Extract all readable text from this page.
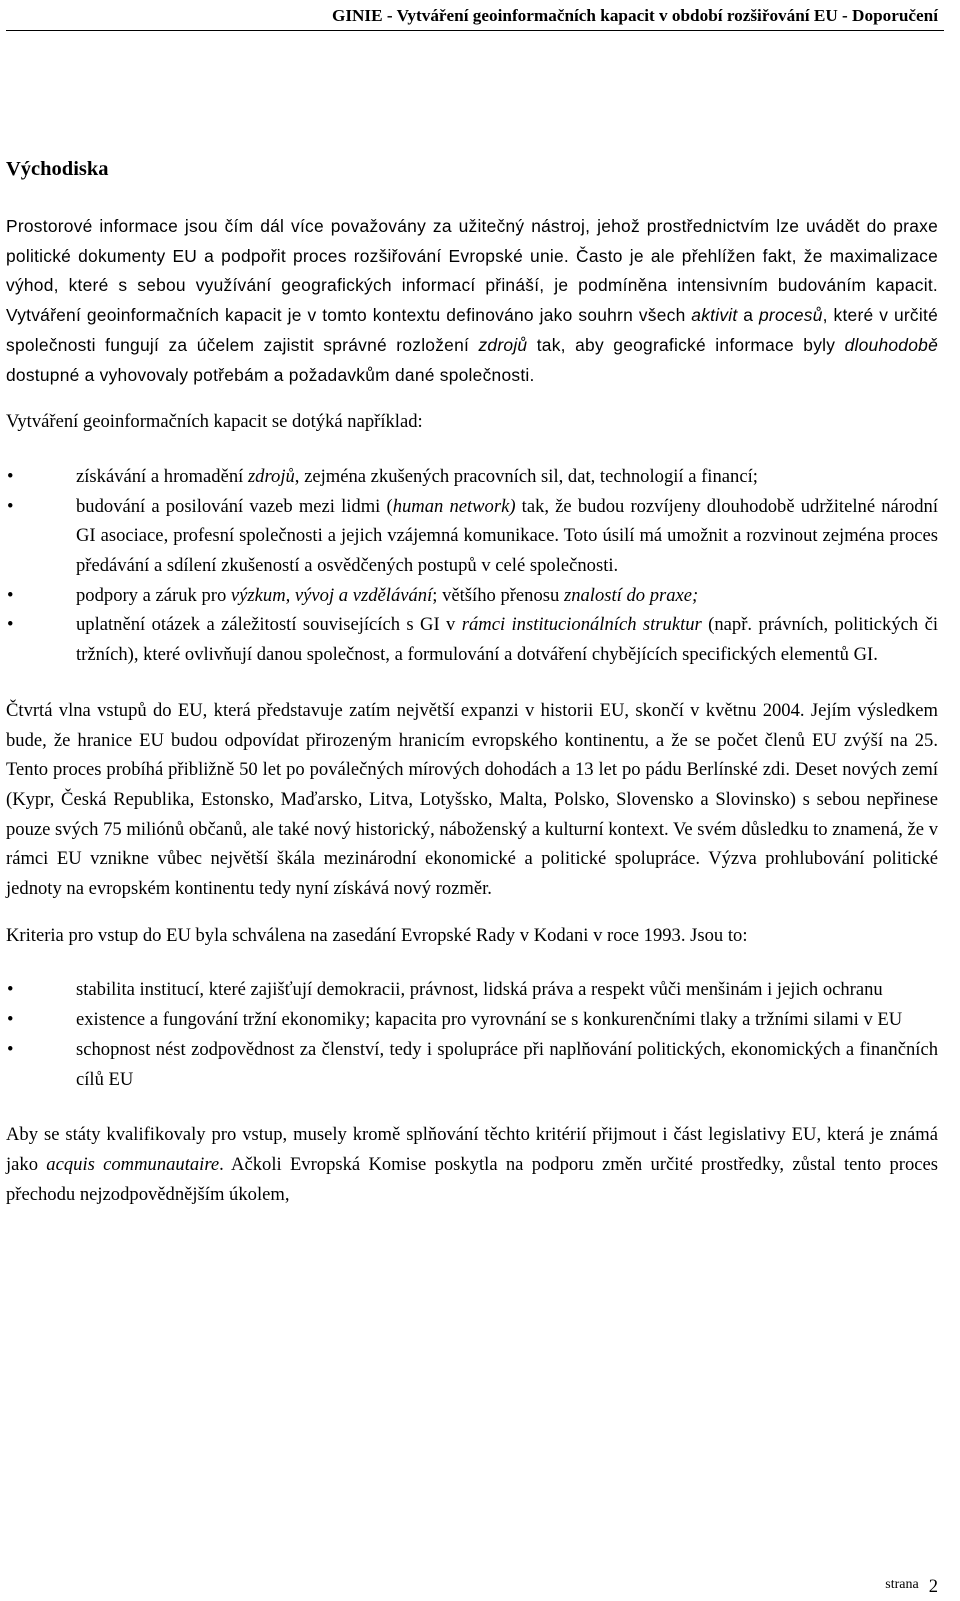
GINIE - Vytváření geoinformačních kapacit v období rozšiřování EU - Doporučení
Východiska

Prostorové informace jsou čím dál více považovány za užitečný nástroj, jehož prostřednictvím lze uvádět do praxe politické dokumenty EU a podpořit proces rozšiřování Evropské unie. Často je ale přehlížen fakt, že maximalizace výhod, které s sebou využívání geografických informací přináší, je podmíněna intensivním budováním kapacit. Vytváření geoinformačních kapacit je v tomto kontextu definováno jako souhrn všech aktivit a procesů, které v určité společnosti fungují za účelem zajistit správné rozložení zdrojů tak, aby geografické informace byly dlouhodobě dostupné a vyhovovaly potřebám a požadavkům dané společnosti.

Vytváření geoinformačních kapacit se dotýká například:

•	získávání a hromadění zdrojů, zejména zkušených pracovních sil, dat, technologií a financí;
•	budování a posilování vazeb mezi lidmi (human network) tak, že budou rozvíjeny dlouhodobě udržitelné národní GI asociace, profesní společnosti a jejich vzájemná komunikace. Toto úsilí má umožnit a rozvinout zejména proces předávání a sdílení zkušeností a osvědčených postupů v celé společnosti.
•	podpory a záruk pro výzkum, vývoj a vzdělávání; většího přenosu znalostí do praxe;
•	uplatnění otázek a záležitostí souvisejících s GI v rámci institucionálních struktur (např. právních, politických či tržních), které ovlivňují danou společnost, a formulování a dotváření chybějících specifických elementů GI.

Čtvrtá vlna vstupů do EU, která představuje zatím největší expanzi v historii EU, skončí v květnu 2004. Jejím výsledkem bude, že hranice EU budou odpovídat přirozeným hranicím evropského kontinentu, a že se počet členů EU zvýší na 25. Tento proces probíhá přibližně 50 let po poválečných mírových dohodách a 13 let po pádu Berlínské zdi. Deset nových zemí (Kypr, Česká Republika, Estonsko, Maďarsko, Litva, Lotyšsko, Malta, Polsko, Slovensko a Slovinsko) s sebou nepřinese pouze svých 75 miliónů občanů, ale také nový historický, náboženský a kulturní kontext. Ve svém důsledku to znamená, že v rámci EU vznikne vůbec největší škála mezinárodní ekonomické a politické spolupráce. Výzva prohlubování politické jednoty na evropském kontinentu tedy nyní získává nový rozměr.

Kriteria pro vstup do EU byla schválena na zasedání Evropské Rady v Kodani v roce 1993. Jsou to:

•	stabilita institucí, které zajišťují demokracii, právnost, lidská práva a respekt vůči menšinám i jejich ochranu
•	existence a fungování tržní ekonomiky; kapacita pro vyrovnání se s konkurenčními tlaky a tržními silami v EU
•	schopnost nést zodpovědnost za členství, tedy i spolupráce při naplňování politických, ekonomických a finančních cílů EU

Aby se státy kvalifikovaly pro vstup, musely kromě splňování těchto kritérií přijmout i část legislativy EU, která je známá jako acquis communautaire. Ačkoli Evropská Komise poskytla na podporu změn určité prostředky, zůstal tento proces přechodu nejzodpovědnějším úkolem,

strana 2
